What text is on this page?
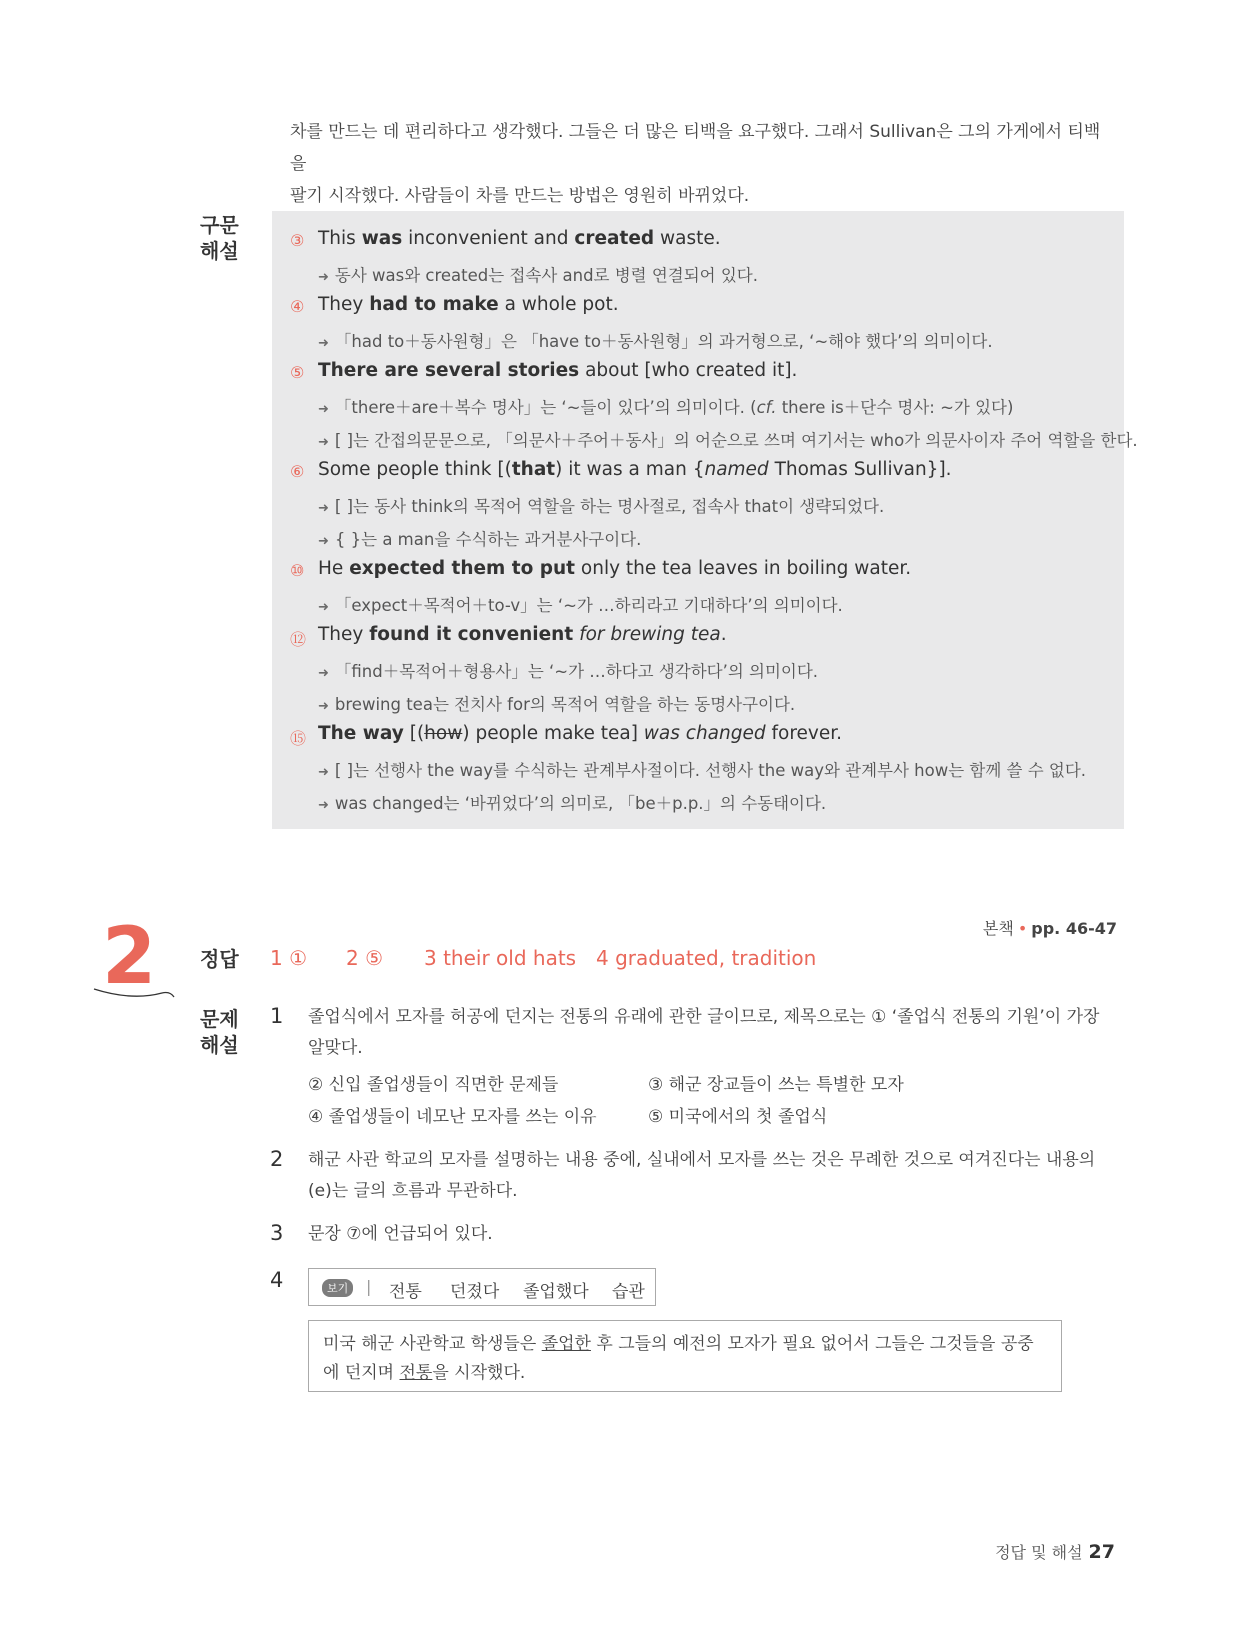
차를 만드는 데 편리하다고 생각했다. 그들은 더 많은 티백을 요구했다. 그래서 Sullivan은 그의 가게에서 티백을

팔기 시작했다. 사람들이 차를 만드는 방법은 영원히 바뀌었다.

구문
해설	③ This was inconvenient and created waste.
➜ 동사 was와 created는 접속사 and로 병렬 연결되어 있다.
④ They had to make a whole pot.
➜ 「had to＋동사원형」은 「have to＋동사원형」의 과거형으로, ‘~해야 했다’의 의미이다.
⑤ There are several stories about [who created it].
➜ 「there＋are＋복수 명사」는 ‘~들이 있다’의 의미이다. (cf. there is＋단수 명사: ~가 있다)
➜ [ ]는 간접의문문으로, 「의문사＋주어＋동사」의 어순으로 쓰며 여기서는 who가 의문사이자 주어 역할을 한다.
⑥ Some people think [(that) it was a man {named Thomas Sullivan}].
➜ [ ]는 동사 think의 목적어 역할을 하는 명사절로, 접속사 that이 생략되었다.
➜ { }는 a man을 수식하는 과거분사구이다.
⑩ He expected them to put only the tea leaves in boiling water.
➜ 「expect＋목적어＋to-v」는 ‘~가 …하리라고 기대하다’의 의미이다.
⑫ They found it convenient for brewing tea.
➜ 「find＋목적어＋형용사」는 ‘~가 …하다고 생각하다’의 의미이다.
➜ brewing tea는 전치사 for의 목적어 역할을 하는 동명사구이다.
⑮ The way [(how) people make tea] was changed forever.
➜ [ ]는 선행사 the way를 수식하는 관계부사절이다. 선행사 the way와 관계부사 how는 함께 쓸 수 없다.
➜ was changed는 ‘바뀌었다’의 의미로, 「be＋p.p.」의 수동태이다.
2	본책 • pp. 46-47
정답 1 ① 2 ⑤ 3 their old hats 4 graduated, tradition
문제
해설
1 졸업식에서 모자를 허공에 던지는 전통의 유래에 관한 글이므로, 제목으로는 ① ‘졸업식 전통의 기원’이 가장 알맞다.
② 신입 졸업생들이 직면한 문제들	③ 해군 장교들이 쓰는 특별한 모자
④ 졸업생들이 네모난 모자를 쓰는 이유	⑤ 미국에서의 첫 졸업식
2 해군 사관 학교의 모자를 설명하는 내용 중에, 실내에서 모자를 쓰는 것은 무례한 것으로 여겨진다는 내용의 (e)는 글의 흐름과 무관하다.
3 문장 ⑦에 언급되어 있다.
4	보기	| 전통 던졌다 졸업했다 습관
미국 해군 사관학교 학생들은 졸업한 후 그들의 예전의 모자가 필요 없어서 그들은 그것들을 공중에 던지며 전통을 시작했다.
정답 및 해설 27
